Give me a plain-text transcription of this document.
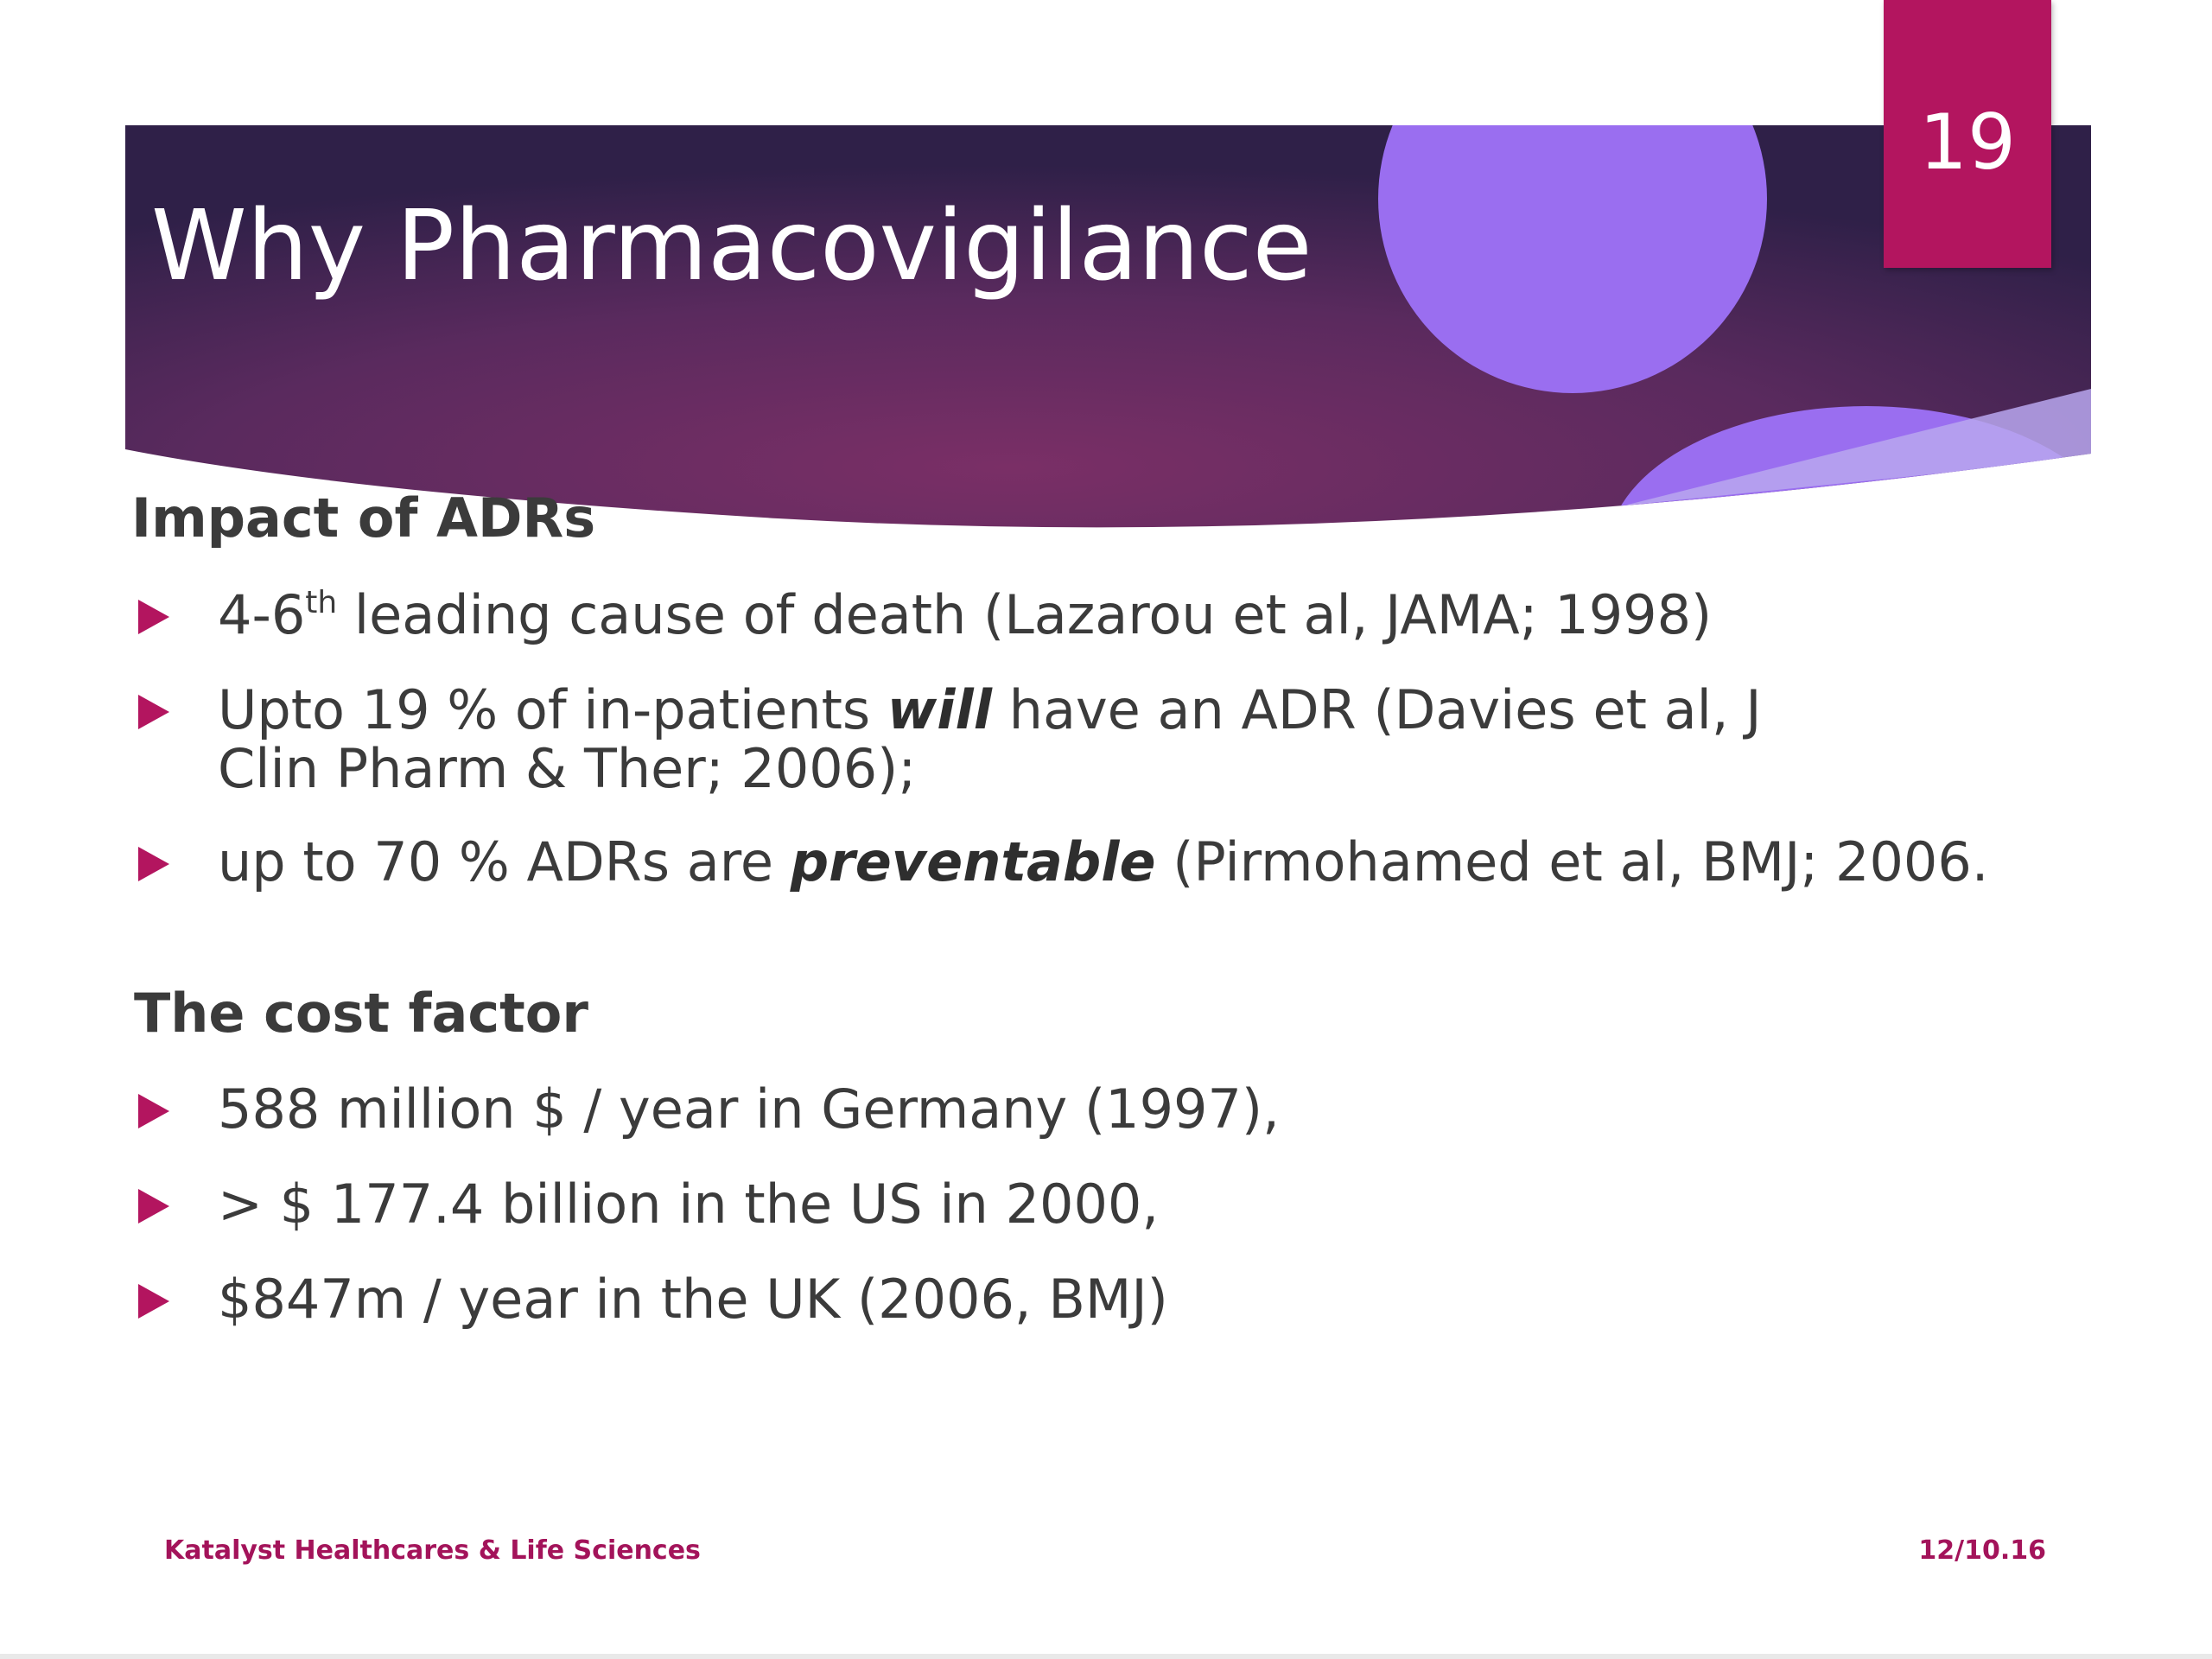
Why Pharmacovigilance
19
Impact of ADRs
4-6th leading cause of death (Lazarou et al, JAMA; 1998)
Upto 19 % of in-patients will have an ADR (Davies et al, J Clin Pharm & Ther; 2006);
up to 70 % ADRs are preventable (Pirmohamed et al, BMJ; 2006.
The cost factor
588 million $ / year in Germany (1997),
> $ 177.4 billion in the US in 2000,
$847m / year in the UK (2006, BMJ)
Katalyst Healthcares & Life Sciences	12/10.16
